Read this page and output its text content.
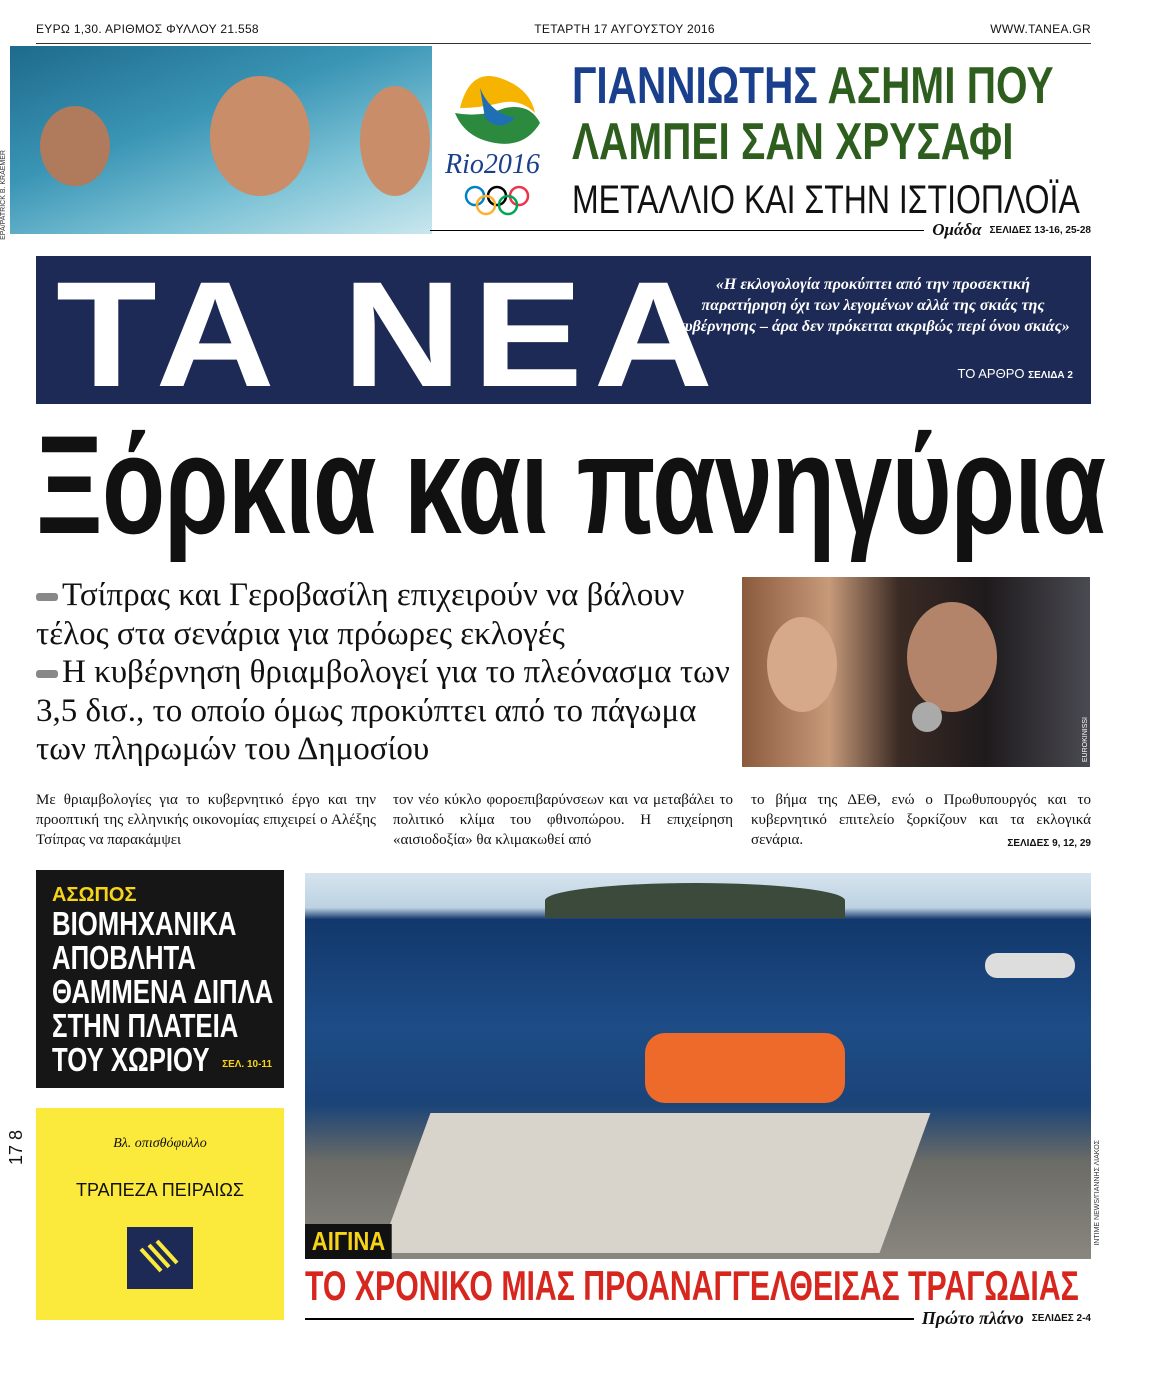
ΕΥΡΩ 1,30. ΑΡΙΘΜΟΣ ΦΥΛΛΟΥ 21.558	ΤΕΤΑΡΤΗ 17 ΑΥΓΟΥΣΤΟΥ 2016	WWW.TANEA.GR
EPA/PATRICK B. KRAEMER	Rio2016
ΓΙΑΝΝΙΩΤΗΣ ΑΣΗΜΙ ΠΟΥ
ΛΑΜΠΕΙ ΣΑΝ ΧΡΥΣΑΦΙ
ΜΕΤΑΛΛΙΟ ΚΑΙ ΣΤΗΝ ΙΣΤΙΟΠΛΟΪΑ
Ομάδα ΣΕΛΙΔΕΣ 13-16, 25-28
ΤΑ ΝΕΑ
«Η εκλογολογία προκύπτει από την προσεκτική παρατήρηση όχι των λεγομένων αλλά της σκιάς της κυβέρνησης – άρα δεν πρόκειται ακριβώς περί όνου σκιάς»
ΤΟ ΑΡΘΡΟ ΣΕΛΙΔΑ 2
Ξόρκια και πανηγύρια
Τσίπρας και Γεροβασίλη επιχειρούν να βάλουν τέλος στα σενάρια για πρόωρες εκλογές
Η κυβέρνηση θριαμβολογεί για το πλεόνασμα των 3,5 δισ., το οποίο όμως προκύπτει από το πάγωμα των πληρωμών του Δημοσίου	EUROKINISSI
Με θριαμβολογίες για το κυβερνητικό έργο και την προοπτική της ελληνικής οικονομίας επιχειρεί ο Αλέξης Τσίπρας να παρακάμψει
τον νέο κύκλο φοροεπιβαρύνσεων και να μεταβάλει το πολιτικό κλίμα του φθινοπώρου. Η επιχείρηση «αισιοδοξία» θα κλιμακωθεί από
το βήμα της ΔΕΘ, ενώ ο Πρωθυπουργός και το κυβερνητικό επιτελείο ξορκίζουν και τα εκλογικά σενάρια.	ΣΕΛΙΔΕΣ 9, 12, 29
ΑΣΩΠΟΣ
ΒΙΟΜΗΧΑΝΙΚΑ
ΑΠΟΒΛΗΤΑ
ΘΑΜΜΕΝΑ ΔΙΠΛΑ
ΣΤΗΝ ΠΛΑΤΕΙΑ
ΤΟΥ ΧΩΡΙΟΥ	ΣΕΛ. 10-11
Βλ. οπισθόφυλλο
ΤΡΑΠΕΖΑ ΠΕΙΡΑΙΩΣ	INTIME NEWS/ΓΙΑΝΝΗΣ ΛΙΑΚΟΣ
ΑΙΓΙΝΑ
ΤΟ ΧΡΟΝΙΚΟ ΜΙΑΣ ΠΡΟΑΝΑΓΓΕΛΘΕΙΣΑΣ ΤΡΑΓΩΔΙΑΣ
Πρώτο πλάνο ΣΕΛΙΔΕΣ 2-4
17 8
